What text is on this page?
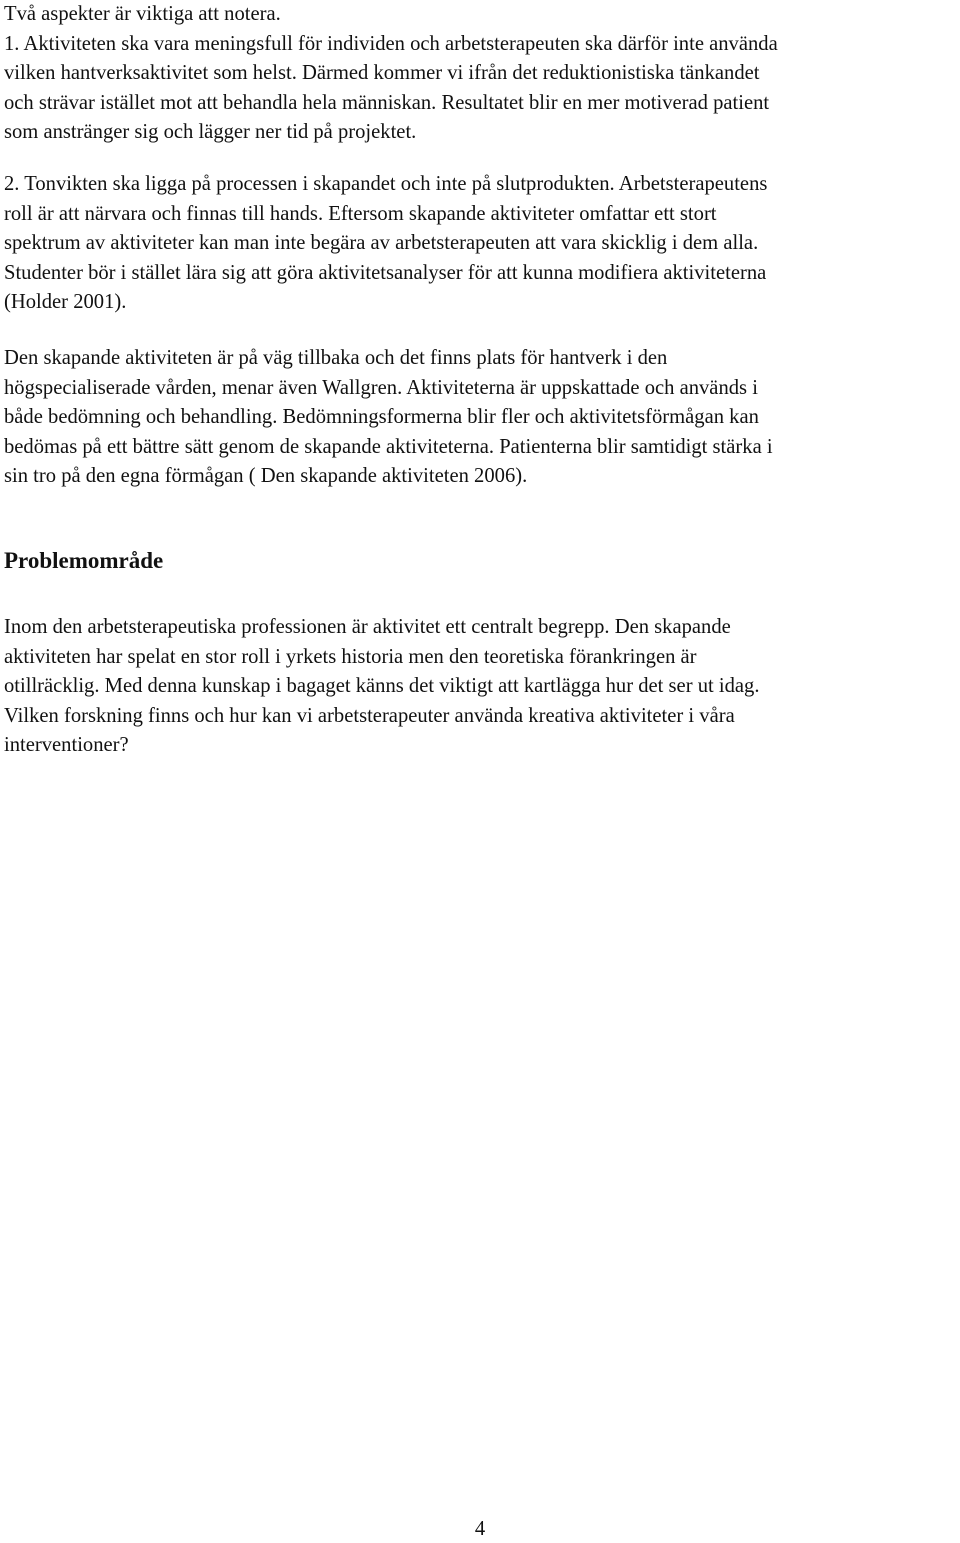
Två aspekter är viktiga att notera.
1. Aktiviteten ska vara meningsfull för individen och arbetsterapeuten ska därför inte använda
vilken hantverksaktivitet som helst. Därmed kommer vi ifrån det reduktionistiska tänkandet
och strävar istället mot att behandla hela människan. Resultatet blir en mer motiverad patient
som anstränger sig och lägger ner tid på projektet.

2. Tonvikten ska ligga på processen i skapandet och inte på slutprodukten. Arbetsterapeutens
roll är att närvara och finnas till hands. Eftersom skapande aktiviteter omfattar ett stort
spektrum av aktiviteter kan man inte begära av arbetsterapeuten att vara skicklig i dem alla.
Studenter bör i stället lära sig att göra aktivitetsanalyser för att kunna modifiera aktiviteterna
(Holder 2001).

Den skapande aktiviteten är på väg tillbaka och det finns plats för hantverk i den
högspecialiserade vården, menar även Wallgren. Aktiviteterna är uppskattade och används i
både bedömning och behandling. Bedömningsformerna blir fler och aktivitetsförmågan kan
bedömas på ett bättre sätt genom de skapande aktiviteterna. Patienterna blir samtidigt stärka i
sin tro på den egna förmågan ( Den skapande aktiviteten 2006).

Problemområde

Inom den arbetsterapeutiska professionen är aktivitet ett centralt begrepp. Den skapande
aktiviteten har spelat en stor roll i yrkets historia men den teoretiska förankringen är
otillräcklig. Med denna kunskap i bagaget känns det viktigt att kartlägga hur det ser ut idag.
Vilken forskning finns och hur kan vi arbetsterapeuter använda kreativa aktiviteter i våra
interventioner?

4
